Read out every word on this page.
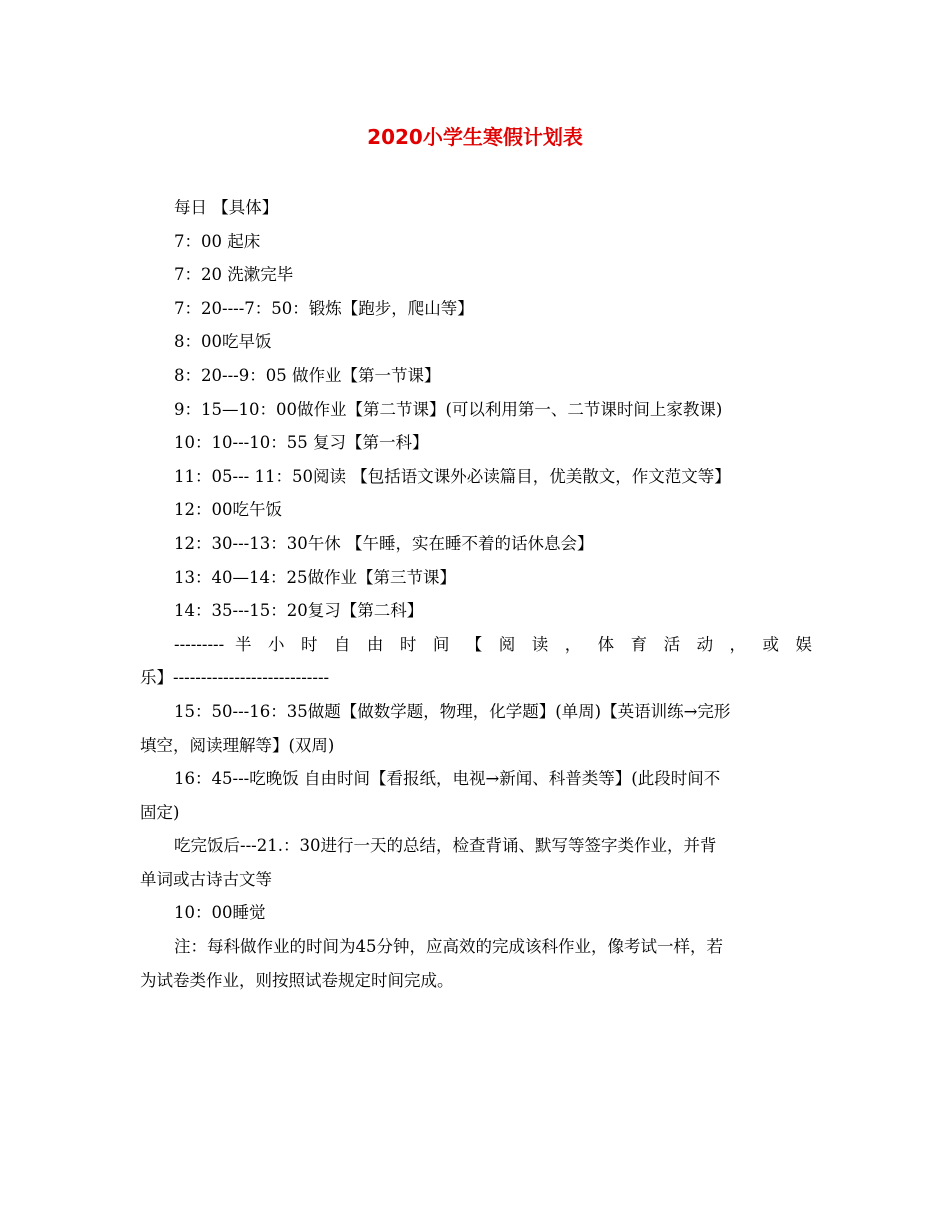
2020小学生寒假计划表
每日 【具体】
7：00 起床
7：20 洗漱完毕
7：20----7：50：锻炼【跑步，爬山等】
8：00吃早饭
8：20---9：05 做作业【第一节课】
9：15—10：00做作业【第二节课】(可以利用第一、二节课时间上家教课)
10：10---10：55 复习【第一科】
11：05--- 11：50阅读 【包括语文课外必读篇目，优美散文，作文范文等】
12：00吃午饭
12：30---13：30午休 【午睡，实在睡不着的话休息会】
13：40—14：25做作业【第三节课】
14：35---15：20复习【第二科】
--------- 半 小 时 自 由 时 间 【 阅 读 ， 体 育 活 动 ， 或 娱
乐】----------------------------
15：50---16：35做题【做数学题，物理，化学题】(单周)【英语训练→完形
填空，阅读理解等】(双周)
16：45---吃晚饭 自由时间【看报纸，电视→新闻、科普类等】(此段时间不
固定)
吃完饭后---21.：30进行一天的总结，检查背诵、默写等签字类作业，并背
单词或古诗古文等
10：00睡觉
注：每科做作业的时间为45分钟，应高效的完成该科作业，像考试一样，若
为试卷类作业，则按照试卷规定时间完成。
